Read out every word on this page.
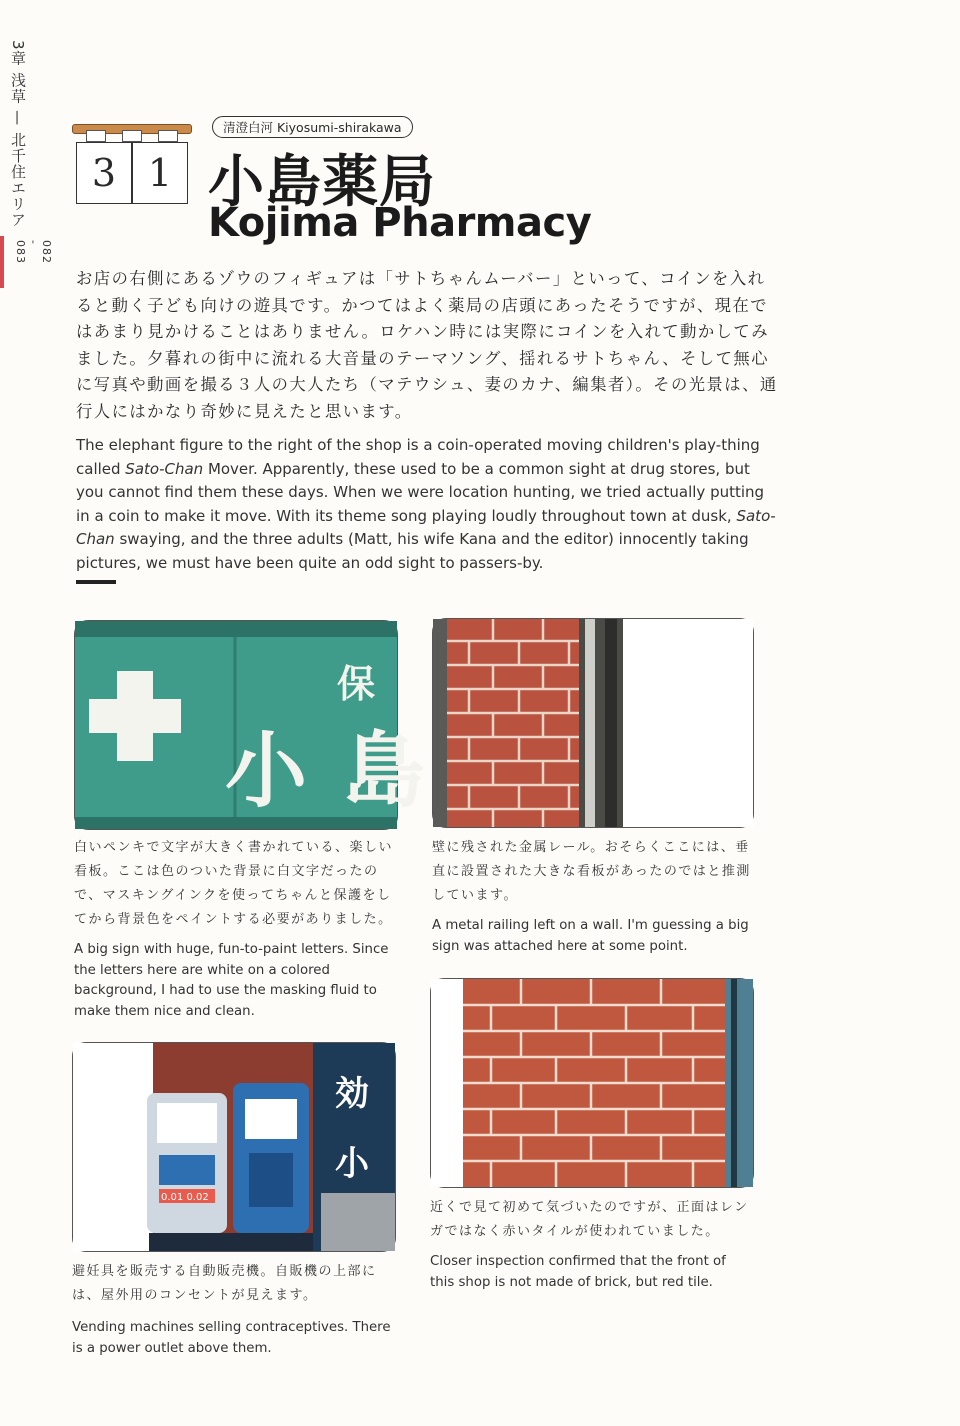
3章 浅草 — 北千住エリア
082 - 083
3 1
清澄白河 Kiyosumi-shirakawa
小島薬局
Kojima Pharmacy
お店の右側にあるゾウのフィギュアは「サトちゃんムーバー」といって、コインを入れると動く子ども向けの遊具です。かつてはよく薬局の店頭にあったそうですが、現在ではあまり見かけることはありません。ロケハン時には実際にコインを入れて動かしてみました。夕暮れの街中に流れる大音量のテーマソング、揺れるサトちゃん、そして無心に写真や動画を撮る３人の大人たち（マテウシュ、妻のカナ、編集者）。その光景は、通行人にはかなり奇妙に見えたと思います。
The elephant figure to the right of the shop is a coin-operated moving children's play-thing called Sato-Chan Mover. Apparently, these used to be a common sight at drug stores, but you cannot find them these days. When we were location hunting, we tried actually putting in a coin to make it move. With its theme song playing loudly throughout town at dusk, Sato-Chan swaying, and the three adults (Matt, his wife Kana and the editor) innocently taking pictures, we must have been quite an odd sight to passers-by.
保
小 島
白いペンキで文字が大きく書かれている、楽しい看板。ここは色のついた背景に白文字だったので、マスキングインクを使ってちゃんと保護をしてから背景色をペイントする必要がありました。
A big sign with huge, fun-to-paint letters. Since the letters here are white on a colored background, I had to use the masking fluid to make them nice and clean.
壁に残された金属レール。おそらくここには、垂直に設置された大きな看板があったのではと推測しています。
A metal railing left on a wall. I'm guessing a big sign was attached here at some point.
0.01 0.02
効
小
避妊具を販売する自動販売機。自販機の上部には、屋外用のコンセントが見えます。
Vending machines selling contraceptives. There is a power outlet above them.
近くで見て初めて気づいたのですが、正面はレンガではなく赤いタイルが使われていました。
Closer inspection confirmed that the front of this shop is not made of brick, but red tile.
